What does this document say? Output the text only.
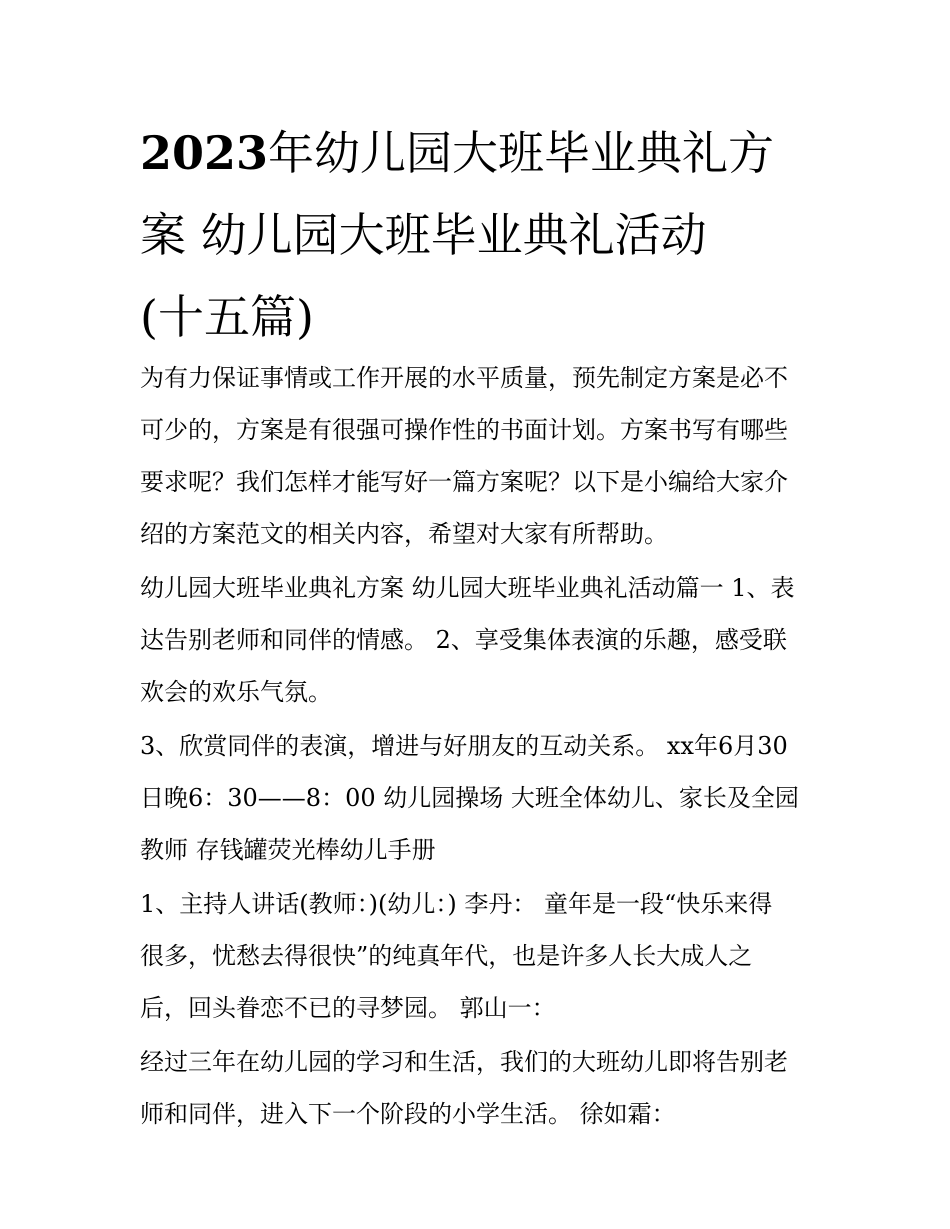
2023年幼儿园大班毕业典礼方
案 幼儿园大班毕业典礼活动
(十五篇)
为有力保证事情或工作开展的水平质量，预先制定方案是必不
可少的，方案是有很强可操作性的书面计划。方案书写有哪些
要求呢？我们怎样才能写好一篇方案呢？以下是小编给大家介
绍的方案范文的相关内容，希望对大家有所帮助。
幼儿园大班毕业典礼方案 幼儿园大班毕业典礼活动篇一 1、表
达告别老师和同伴的情感。 2、享受集体表演的乐趣，感受联
欢会的欢乐气氛。
3、欣赏同伴的表演，增进与好朋友的互动关系。 xx年6月30
日晚6：30——8：00 幼儿园操场 大班全体幼儿、家长及全园
教师 存钱罐荧光棒幼儿手册
1、主持人讲话(教师：)(幼儿：) 李丹： 童年是一段“快乐来得
很多，忧愁去得很快”的纯真年代，也是许多人长大成人之
后，回头眷恋不已的寻梦园。 郭山一：
经过三年在幼儿园的学习和生活，我们的大班幼儿即将告别老
师和同伴，进入下一个阶段的小学生活。 徐如霜：
